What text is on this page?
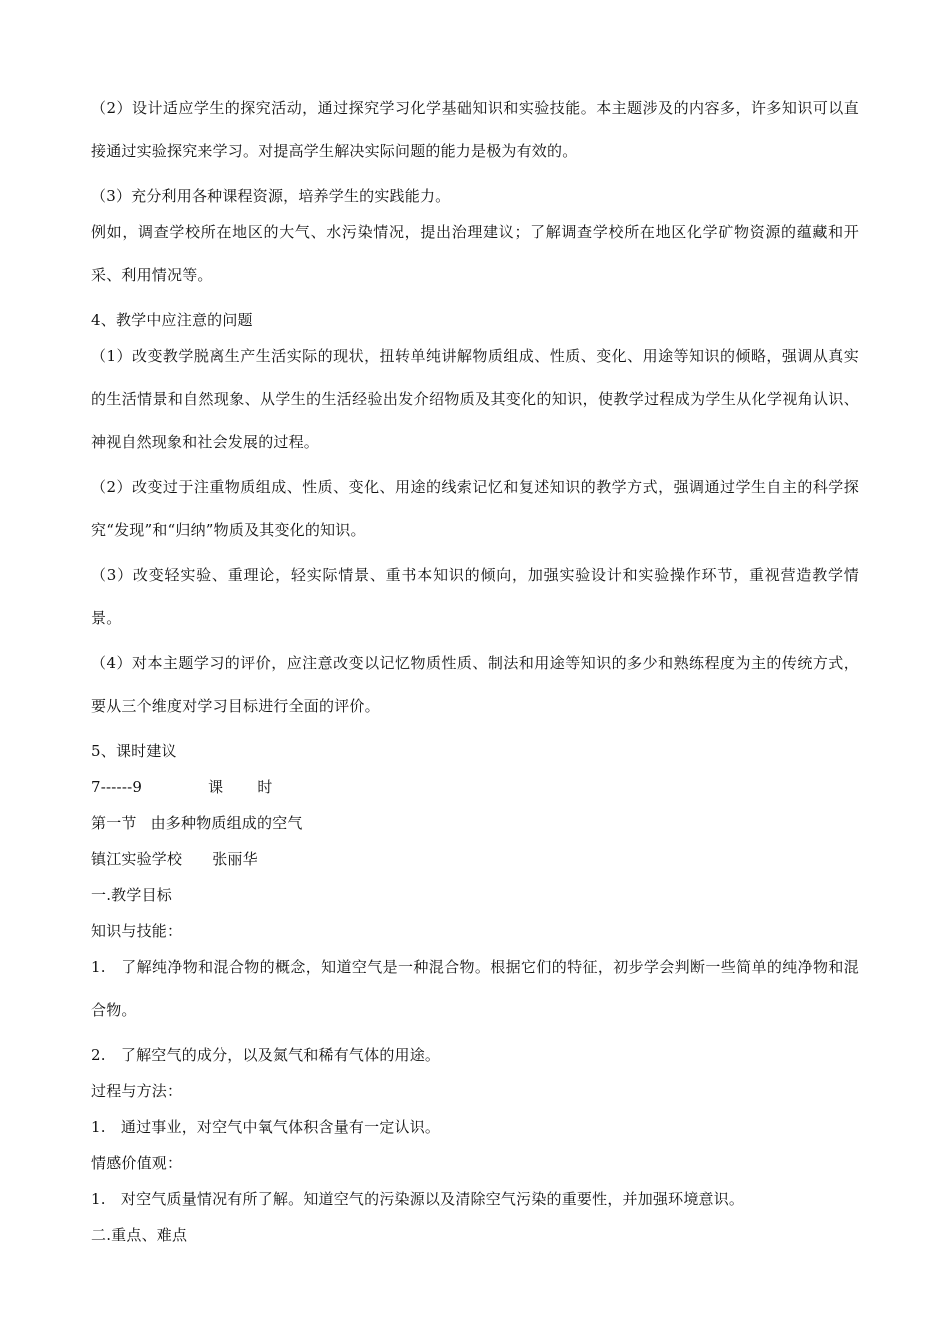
（2）设计适应学生的探究活动，通过探究学习化学基础知识和实验技能。本主题涉及的内容多，许多知识可以直接通过实验探究来学习。对提高学生解决实际问题的能力是极为有效的。

（3）充分利用各种课程资源，培养学生的实践能力。

例如，调查学校所在地区的大气、水污染情况，提出治理建议；了解调查学校所在地区化学矿物资源的蕴藏和开采、利用情况等。

4、教学中应注意的问题

（1）改变教学脱离生产生活实际的现状，扭转单纯讲解物质组成、性质、变化、用途等知识的倾略，强调从真实的生活情景和自然现象、从学生的生活经验出发介绍物质及其变化的知识，使教学过程成为学生从化学视角认识、神视自然现象和社会发展的过程。

（2）改变过于注重物质组成、性质、变化、用途的线索记忆和复述知识的教学方式，强调通过学生自主的科学探究“发现”和“归纳”物质及其变化的知识。

（3）改变轻实验、重理论，轻实际情景、重书本知识的倾向，加强实验设计和实验操作环节，重视营造教学情景。

（4）对本主题学习的评价，应注意改变以记忆物质性质、制法和用途等知识的多少和熟练程度为主的传统方式，要从三个维度对学习目标进行全面的评价。

5、课时建议

7------9	课 时

第一节 由多种物质组成的空气

镇江实验学校 张丽华

一.教学目标

知识与技能：

1.　了解纯净物和混合物的概念，知道空气是一种混合物。根据它们的特征，初步学会判断一些简单的纯净物和混合物。

2.　了解空气的成分，以及氮气和稀有气体的用途。

过程与方法：

1.　通过事业，对空气中氧气体积含量有一定认识。

情感价值观：

1.　对空气质量情况有所了解。知道空气的污染源以及清除空气污染的重要性，并加强环境意识。

二.重点、难点
